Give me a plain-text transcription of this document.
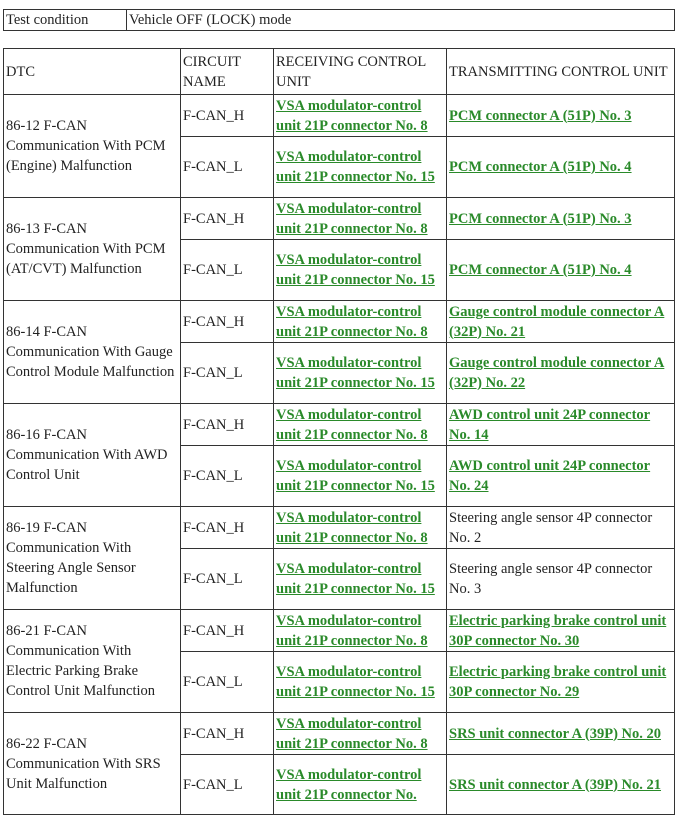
Test condition	Vehicle OFF (LOCK) mode
DTC	CIRCUIT NAME	RECEIVING CONTROL UNIT	TRANSMITTING CONTROL UNIT
86-12 F-CAN Communication With PCM (Engine) Malfunction	F-CAN_H	VSA modulator-control unit 21P connector No. 8	PCM connector A (51P) No. 3
	F-CAN_L	VSA modulator-control unit 21P connector No. 15	PCM connector A (51P) No. 4
86-13 F-CAN Communication With PCM (AT/CVT) Malfunction	F-CAN_H	VSA modulator-control unit 21P connector No. 8	PCM connector A (51P) No. 3
	F-CAN_L	VSA modulator-control unit 21P connector No. 15	PCM connector A (51P) No. 4
86-14 F-CAN Communication With Gauge Control Module Malfunction	F-CAN_H	VSA modulator-control unit 21P connector No. 8	Gauge control module connector A (32P) No. 21
	F-CAN_L	VSA modulator-control unit 21P connector No. 15	Gauge control module connector A (32P) No. 22
86-16 F-CAN Communication With AWD Control Unit	F-CAN_H	VSA modulator-control unit 21P connector No. 8	AWD control unit 24P connector No. 14
	F-CAN_L	VSA modulator-control unit 21P connector No. 15	AWD control unit 24P connector No. 24
86-19 F-CAN Communication With Steering Angle Sensor Malfunction	F-CAN_H	VSA modulator-control unit 21P connector No. 8	Steering angle sensor 4P connector No. 2
	F-CAN_L	VSA modulator-control unit 21P connector No. 15	Steering angle sensor 4P connector No. 3
86-21 F-CAN Communication With Electric Parking Brake Control Unit Malfunction	F-CAN_H	VSA modulator-control unit 21P connector No. 8	Electric parking brake control unit 30P connector No. 30
	F-CAN_L	VSA modulator-control unit 21P connector No. 15	Electric parking brake control unit 30P connector No. 29
86-22 F-CAN Communication With SRS Unit Malfunction	F-CAN_H	VSA modulator-control unit 21P connector No. 8	SRS unit connector A (39P) No. 20
	F-CAN_L	VSA modulator-control unit 21P connector No.	SRS unit connector A (39P) No. 21
